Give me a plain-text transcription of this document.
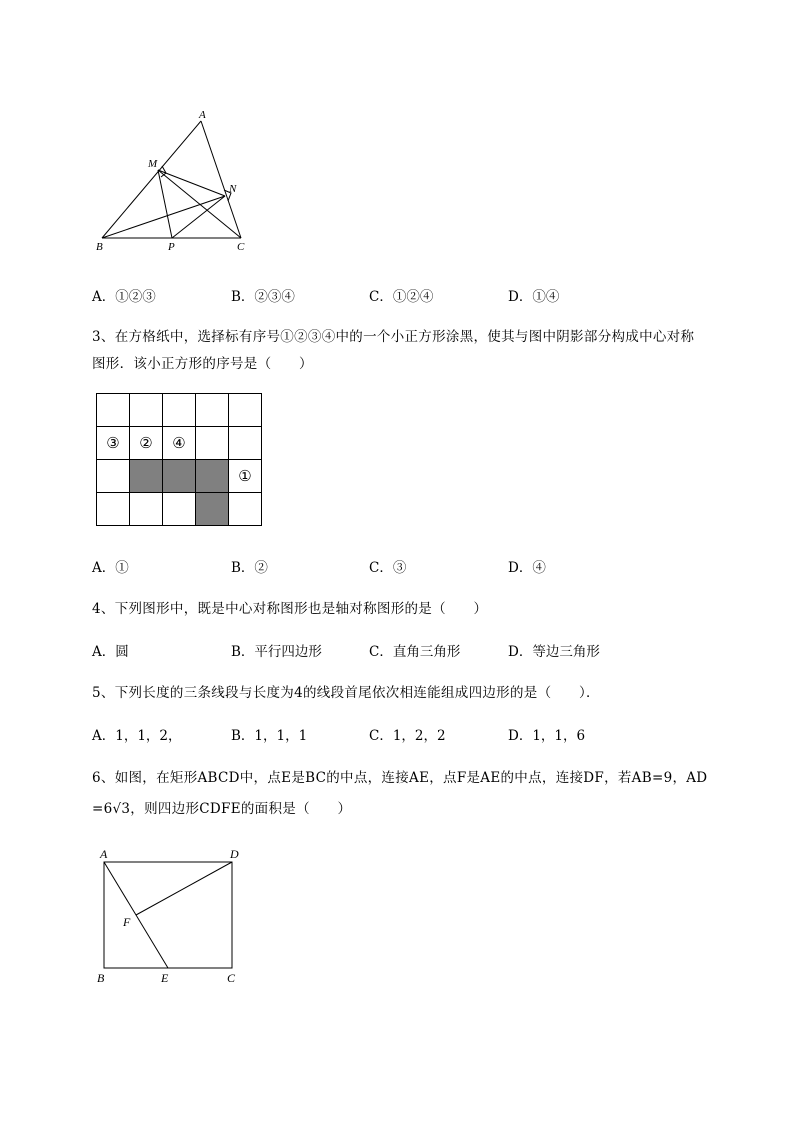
A
M
N
B	P	C
A．①②③	B．②③④	C．①②④	D．①④
3、在方格纸中，选择标有序号①②③④中的一个小正方形涂黑，使其与图中阴影部分构成中心对称
图形．该小正方形的序号是（　　）

③	②	④		
				①

A．①	B．②	C．③	D．④
4、下列图形中，既是中心对称图形也是轴对称图形的是（　　）
A．圆	B．平行四边形	C．直角三角形	D．等边三角形
5、下列长度的三条线段与长度为4的线段首尾依次相连能组成四边形的是（　　）．
A．1，1，2，	B．1，1，1	C．1，2，2	D．1，1，6
6、如图，在矩形ABCD中，点E是BC的中点，连接AE，点F是AE的中点，连接DF，若AB=9，AD
=6√3，则四边形CDFE的面积是（　　）
A	D
F
B	E	C
